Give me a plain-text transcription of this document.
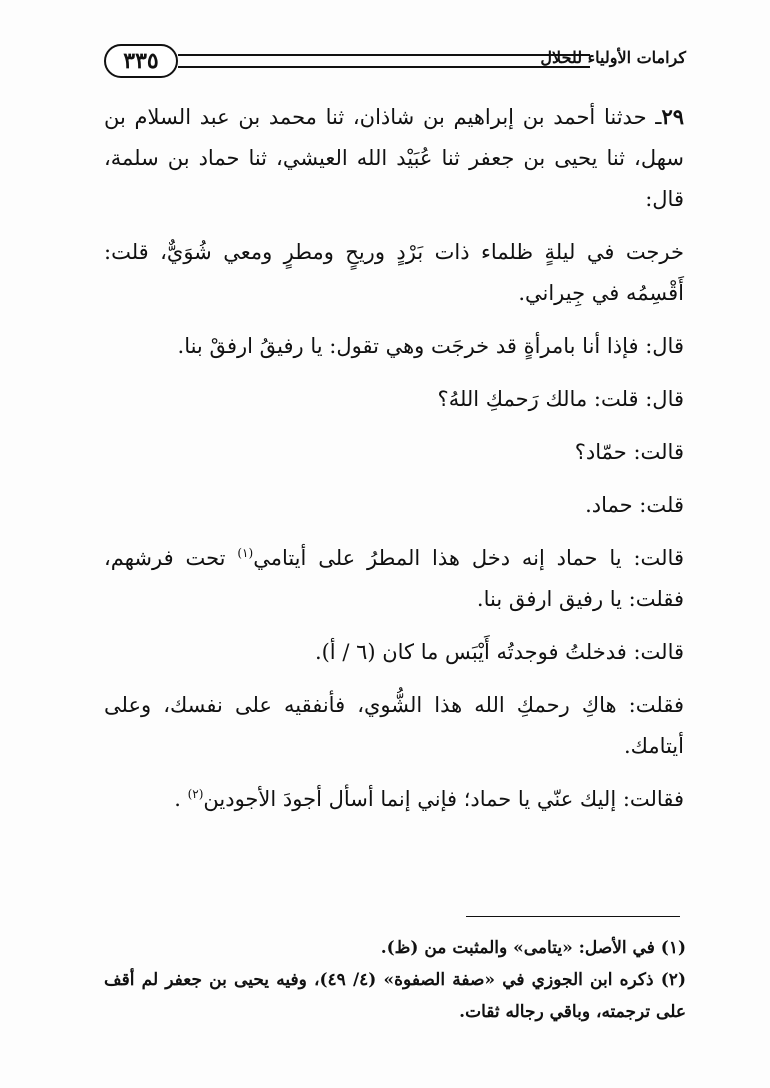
٣٣٥	كرامات الأولياء للخلال

٢٩ـ حدثنا أحمد بن إبراهيم بن شاذان، ثنا محمد بن عبد السلام بن سهل، ثنا يحيى بن جعفر ثنا عُبَيْد الله العيشي، ثنا حماد بن سلمة، قال:

خرجت في ليلةٍ ظلماء ذات بَرْدٍ وريحٍ ومطرٍ ومعي شُوَيٌّ، قلت: أَقْسِمُه في جِيراني.

قال: فإذا أنا بامرأةٍ قد خرجَت وهي تقول: يا رفيقُ ارفقْ بنا.

قال: قلت: مالك رَحمكِ اللهُ؟

قالت: حمّاد؟

قلت: حماد.

قالت: يا حماد إنه دخل هذا المطرُ على أيتامي$^{(١)}$ تحت فرشهم، فقلت: يا رفيق ارفق بنا.

قالت: فدخلتُ فوجدتُه أَيْبَس ما كان (٦ / أ).

فقلت: هاكِ رحمكِ الله هذا الشُّوي، فأنفقيه على نفسك، وعلى أيتامك.

فقالت: إليك عنّي يا حماد؛ فإني إنما أسأل أجودَ الأجودين$^{(٢)}$ .

(١) في الأصل: «يتامى» والمثبت من (ظ).

(٢) ذكره ابن الجوزي في «صفة الصفوة» (٤/ ٤٩)، وفيه يحيى بن جعفر لم أقف على ترجمته، وباقي رجاله ثقات.
